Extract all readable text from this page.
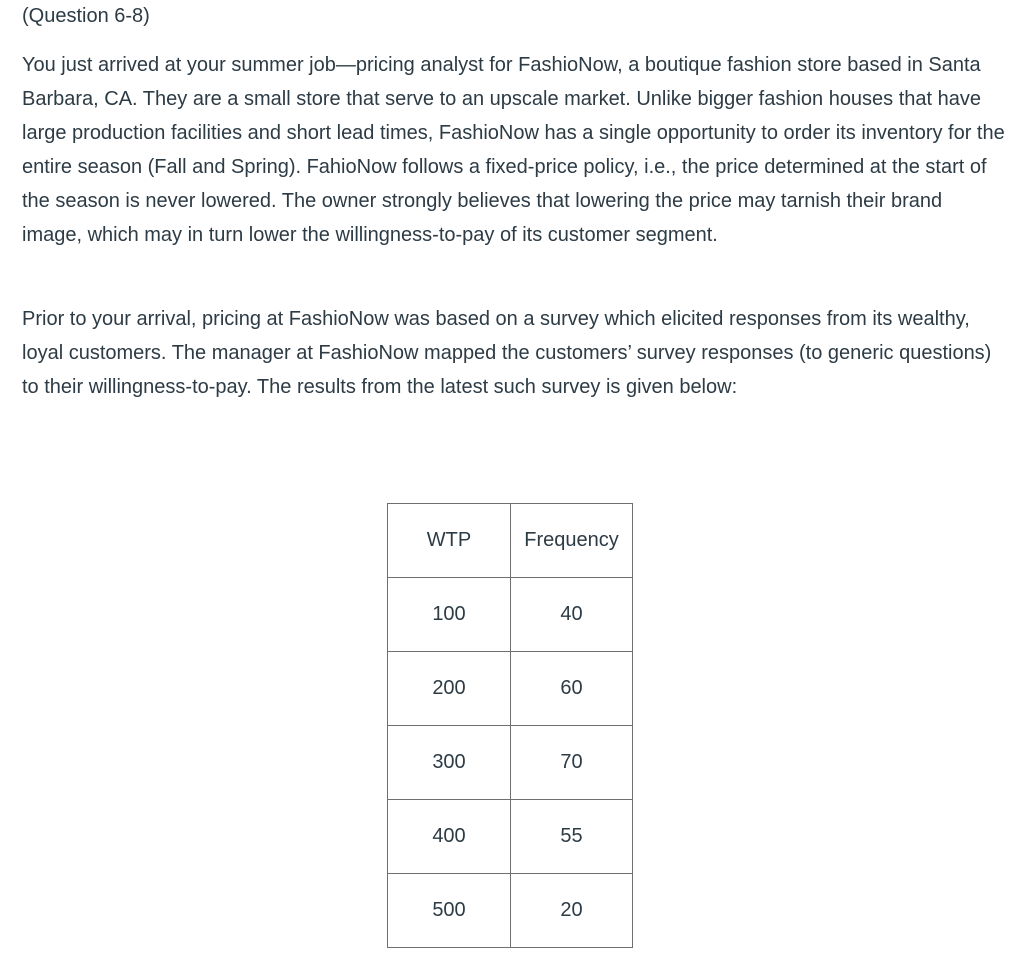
(Question 6-8)
You just arrived at your summer job—pricing analyst for FashioNow, a boutique fashion store based in Santa Barbara, CA. They are a small store that serve to an upscale market. Unlike bigger fashion houses that have large production facilities and short lead times, FashioNow has a single opportunity to order its inventory for the entire season (Fall and Spring). FahioNow follows a fixed-price policy, i.e., the price determined at the start of the season is never lowered. The owner strongly believes that lowering the price may tarnish their brand image, which may in turn lower the willingness-to-pay of its customer segment.
Prior to your arrival, pricing at FashioNow was based on a survey which elicited responses from its wealthy, loyal customers. The manager at FashioNow mapped the customers’ survey responses (to generic questions) to their willingness-to-pay. The results from the latest such survey is given below:
WTP	Frequency
100	40
200	60
300	70
400	55
500	20
